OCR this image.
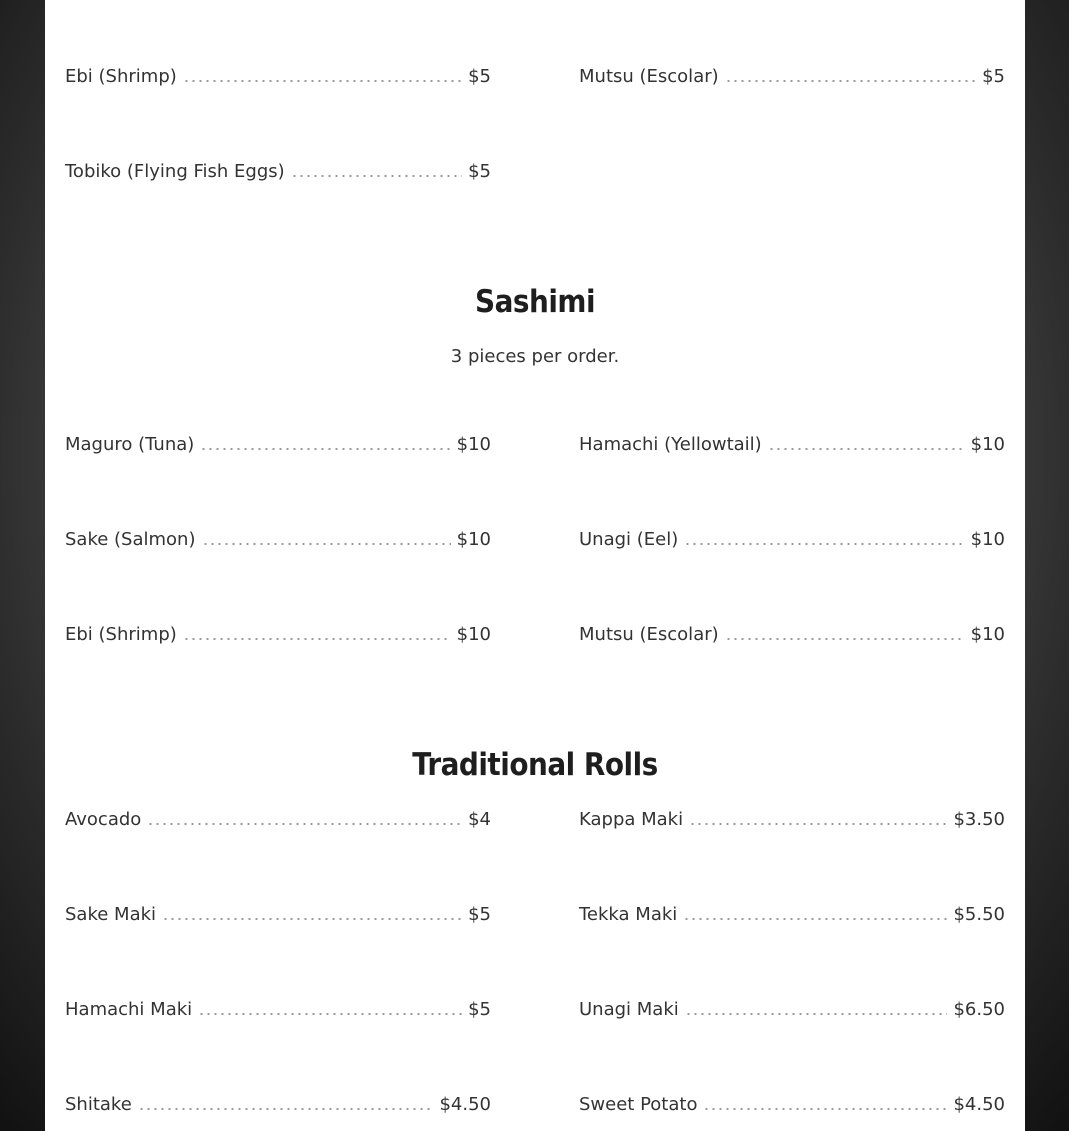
Ebi (Shrimp)	$5	Mutsu (Escolar)	$5
Tobiko (Flying Fish Eggs)	$5
Sashimi
3 pieces per order.
Maguro (Tuna)	$10	Hamachi (Yellowtail)	$10
Sake (Salmon)	$10	Unagi (Eel)	$10
Ebi (Shrimp)	$10	Mutsu (Escolar)	$10
Traditional Rolls
Avocado	$4	Kappa Maki	$3.50
Sake Maki	$5	Tekka Maki	$5.50
Hamachi Maki	$5	Unagi Maki	$6.50
Shitake	$4.50	Sweet Potato	$4.50
